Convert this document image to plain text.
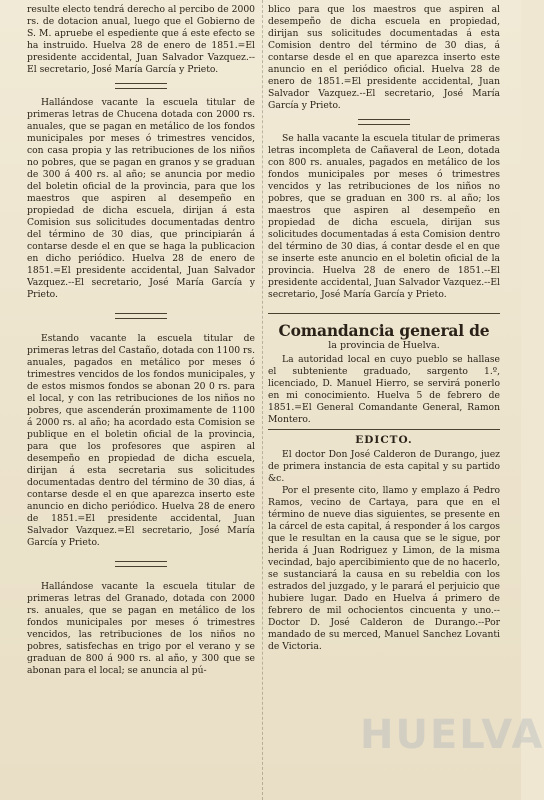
resulte electo tendrá derecho al percibo de 2000 rs. de dotacion anual, luego que el Gobierno de S. M. apruebe el espediente que á este efecto se ha instruido. Huelva 28 de enero de 1851.=El presidente accidental, Juan Salvador Vazquez.--El secretario, José María García y Prieto.

Hallándose vacante la escuela titular de primeras letras de Chucena dotada con 2000 rs. anuales, que se pagan en metálico de los fondos municipales por meses ó trimestres vencidos, con casa propia y las retribuciones de los niños no pobres, que se pagan en granos y se graduan de 300 á 400 rs. al año; se anuncia por medio del boletin oficial de la provincia, para que los maestros que aspiren al desempeño en propiedad de dicha escuela, dirijan á esta Comision sus solicitudes documentadas dentro del término de 30 dias, que principiarán á contarse desde el en que se haga la publicacion en dicho periódico. Huelva 28 de enero de 1851.=El presidente accidental, Juan Salvador Vazquez.--El secretario, José María García y Prieto.

Estando vacante la escuela titular de primeras letras del Castaño, dotada con 1100 rs. anuales, pagados en metálico por meses ó trimestres vencidos de los fondos municipales, y de estos mismos fondos se abonan 20 0 rs. para el local, y con las retribuciones de los niños no pobres, que ascenderán proximamente de 1100 á 2000 rs. al año; ha acordado esta Comision se publique en el boletin oficial de la provincia, para que los profesores que aspiren al desempeño en propiedad de dicha escuela, dirijan á esta secretaria sus solicitudes documentadas dentro del término de 30 dias, á contarse desde el en que aparezca inserto este anuncio en dicho periódico. Huelva 28 de enero de 1851.=El presidente accidental, Juan Salvador Vazquez.=El secretario, José María García y Prieto.

Hallándose vacante la escuela titular de primeras letras del Granado, dotada con 2000 rs. anuales, que se pagan en metálico de los fondos municipales por meses ó trimestres vencidos, las retribuciones de los niños no pobres, satisfechas en trigo por el verano y se graduan de 800 á 900 rs. al año, y 300 que se abonan para el local; se anuncia al pú-

blico para que los maestros que aspiren al desempeño de dicha escuela en propiedad, dirijan sus solicitudes documentadas á esta Comision dentro del término de 30 dias, á contarse desde el en que aparezca inserto este anuncio en el periódico oficial. Huelva 28 de enero de 1851.=El presidente accidental, Juan Salvador Vazquez.--El secretario, José María García y Prieto.

Se halla vacante la escuela titular de primeras letras incompleta de Cañaveral de Leon, dotada con 800 rs. anuales, pagados en metálico de los fondos municipales por meses ó trimestres vencidos y las retribuciones de los niños no pobres, que se graduan en 300 rs. al año; los maestros que aspiren al desempeño en propiedad de dicha escuela, dirijan sus solicitudes documentadas á esta Comision dentro del término de 30 dias, á contar desde el en que se inserte este anuncio en el boletin oficial de la provincia. Huelva 28 de enero de 1851.--El presidente accidental, Juan Salvador Vazquez.--El secretario, José María García y Prieto.

Comandancia general de
la provincia de Huelva.

La autoridad local en cuyo pueblo se hallase el subteniente graduado, sargento 1.º, licenciado, D. Manuel Hierro, se servirá ponerlo en mi conocimiento. Huelva 5 de febrero de 1851.=El General Comandante General, Ramon Montero.

EDICTO.

El doctor Don José Calderon de Durango, juez de primera instancia de esta capital y su partido &c.

Por el presente cito, llamo y emplazo á Pedro Ramos, vecino de Cartaya, para que en el término de nueve dias siguientes, se presente en la cárcel de esta capital, á responder á los cargos que le resultan en la causa que se le sigue, por herida á Juan Rodriguez y Limon, de la misma vecindad, bajo apercibimiento que de no hacerlo, se sustanciará la causa en su rebeldia con los estrados del juzgado, y le parará el perjuicio que hubiere lugar. Dado en Huelva á primero de febrero de mil ochocientos cincuenta y uno.--Doctor D. José Calderon de Durango.--Por mandado de su merced, Manuel Sanchez Lovanti de Victoria.

HUELVA
